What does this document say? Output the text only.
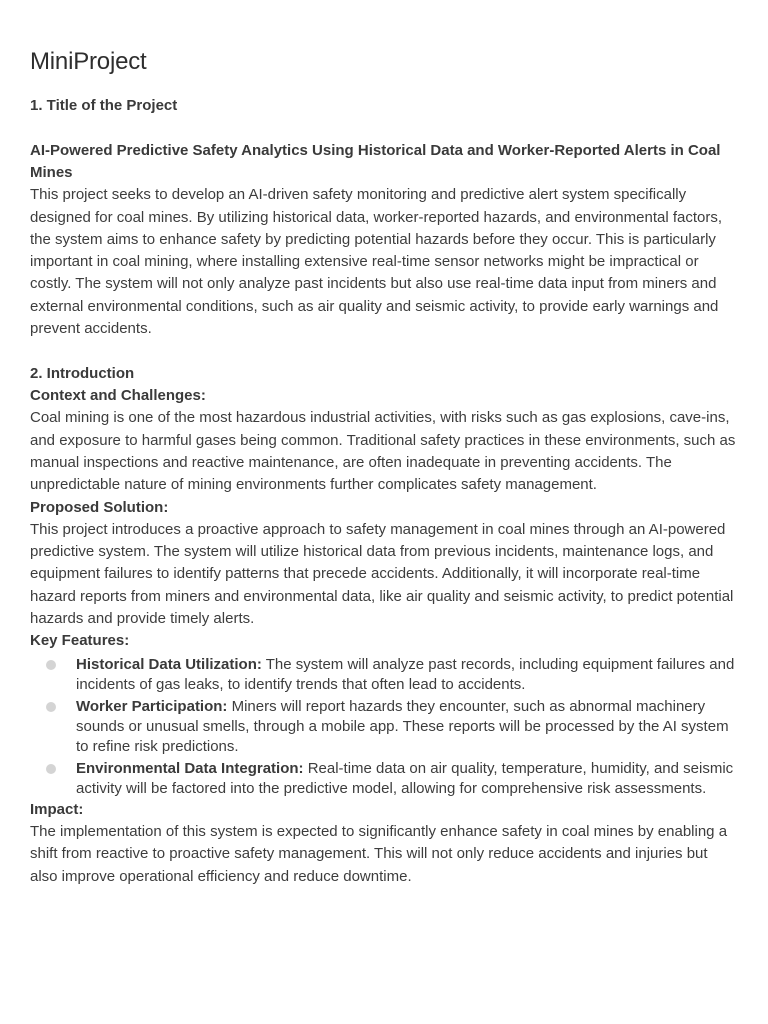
MiniProject
1. Title of the Project

AI-Powered Predictive Safety Analytics Using Historical Data and Worker-Reported Alerts in Coal Mines

This project seeks to develop an AI-driven safety monitoring and predictive alert system specifically designed for coal mines. By utilizing historical data, worker-reported hazards, and environmental factors, the system aims to enhance safety by predicting potential hazards before they occur. This is particularly important in coal mining, where installing extensive real-time sensor networks might be impractical or costly. The system will not only analyze past incidents but also use real-time data input from miners and external environmental conditions, such as air quality and seismic activity, to provide early warnings and prevent accidents.

2. Introduction

Context and Challenges:

Coal mining is one of the most hazardous industrial activities, with risks such as gas explosions, cave-ins, and exposure to harmful gases being common. Traditional safety practices in these environments, such as manual inspections and reactive maintenance, are often inadequate in preventing accidents. The unpredictable nature of mining environments further complicates safety management.

Proposed Solution:

This project introduces a proactive approach to safety management in coal mines through an AI-powered predictive system. The system will utilize historical data from previous incidents, maintenance logs, and equipment failures to identify patterns that precede accidents. Additionally, it will incorporate real-time hazard reports from miners and environmental data, like air quality and seismic activity, to predict potential hazards and provide timely alerts.

Key Features:

Historical Data Utilization: The system will analyze past records, including equipment failures and incidents of gas leaks, to identify trends that often lead to accidents.
Worker Participation: Miners will report hazards they encounter, such as abnormal machinery sounds or unusual smells, through a mobile app. These reports will be processed by the AI system to refine risk predictions.
Environmental Data Integration: Real-time data on air quality, temperature, humidity, and seismic activity will be factored into the predictive model, allowing for comprehensive risk assessments.

Impact:

The implementation of this system is expected to significantly enhance safety in coal mines by enabling a shift from reactive to proactive safety management. This will not only reduce accidents and injuries but also improve operational efficiency and reduce downtime.
